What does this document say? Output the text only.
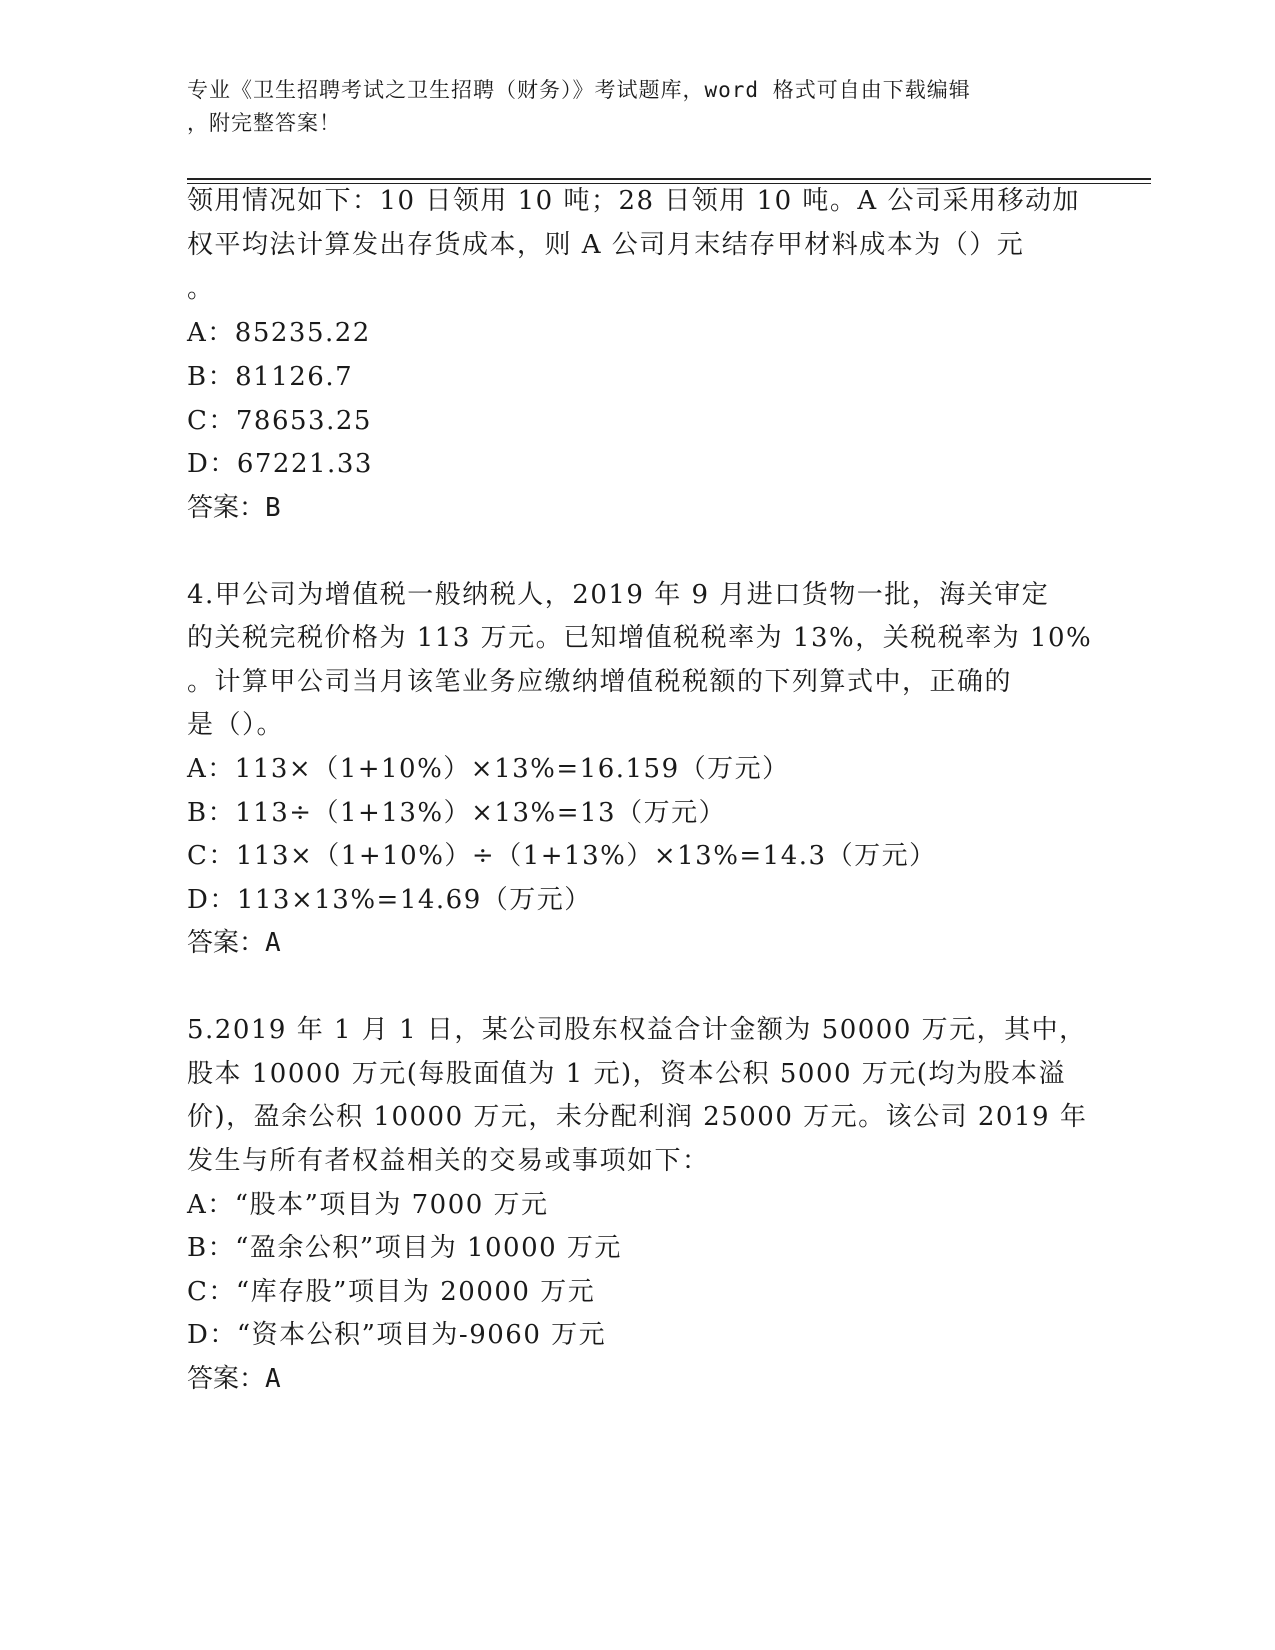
专业《卫生招聘考试之卫生招聘（财务）》考试题库，word 格式可自由下载编辑
，附完整答案！
领用情况如下：10 日领用 10 吨；28 日领用 10 吨。A 公司采用移动加
权平均法计算发出存货成本，则 A 公司月末结存甲材料成本为（）元
。
A：85235.22
B：81126.7
C：78653.25
D：67221.33
答案：B
4.甲公司为增值税一般纳税人，2019 年 9 月进口货物一批，海关审定
的关税完税价格为 113 万元。已知增值税税率为 13%，关税税率为 10%
。计算甲公司当月该笔业务应缴纳增值税税额的下列算式中，正确的
是（）。
A：113×（1+10%）×13%=16.159（万元）
B：113÷（1+13%）×13%=13（万元）
C：113×（1+10%）÷（1+13%）×13%=14.3（万元）
D：113×13%=14.69（万元）
答案：A
5.2019 年 1 月 1 日，某公司股东权益合计金额为 50000 万元，其中，
股本 10000 万元(每股面值为 1 元)，资本公积 5000 万元(均为股本溢
价)，盈余公积 10000 万元，未分配利润 25000 万元。该公司 2019 年
发生与所有者权益相关的交易或事项如下：
A：“股本”项目为 7000 万元
B：“盈余公积”项目为 10000 万元
C：“库存股”项目为 20000 万元
D：“资本公积”项目为-9060 万元
答案：A
